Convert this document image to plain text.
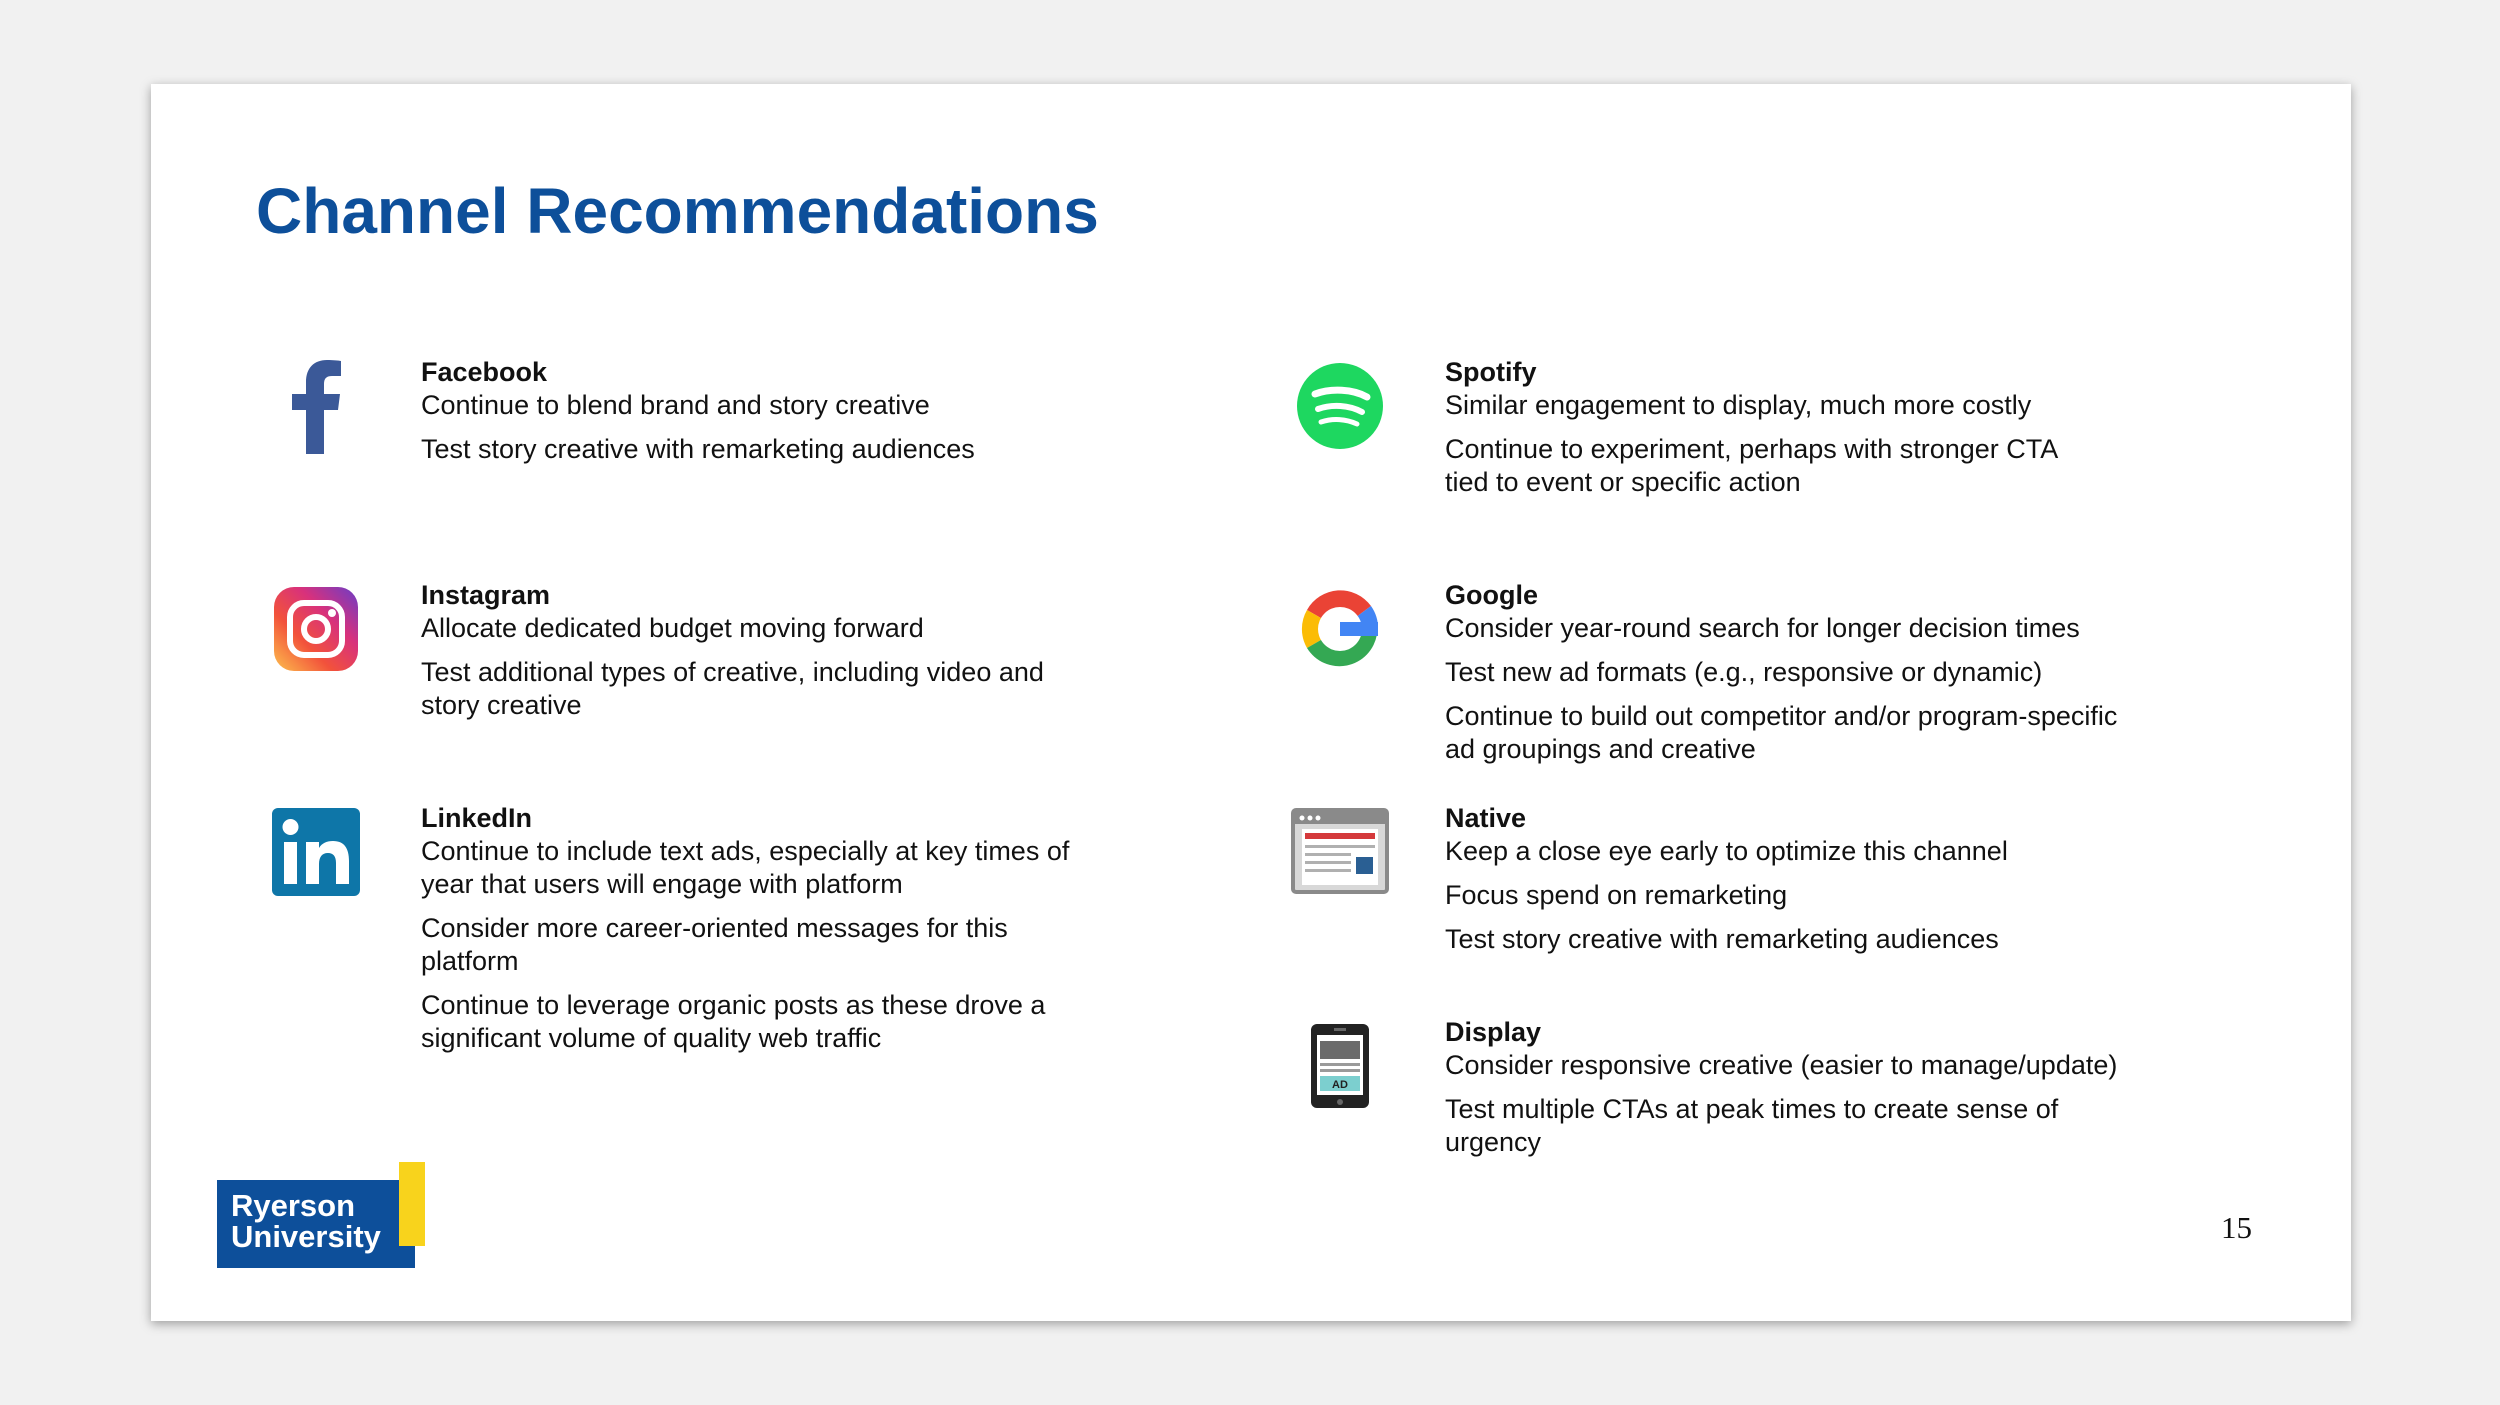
Channel Recommendations
Facebook
Continue to blend brand and story creative
Test story creative with remarketing audiences
Instagram
Allocate dedicated budget moving forward
Test additional types of creative, including video and story creative
LinkedIn
Continue to include text ads, especially at key times of year that users will engage with platform
Consider more career-oriented messages for this platform
Continue to leverage organic posts as these drove a significant volume of quality web traffic
Spotify
Similar engagement to display, much more costly
Continue to experiment, perhaps with stronger CTA tied to event or specific action
Google
Consider year-round search for longer decision times
Test new ad formats (e.g., responsive or dynamic)
Continue to build out competitor and/or program-specific ad groupings and creative
Native
Keep a close eye early to optimize this channel
Focus spend on remarketing
Test story creative with remarketing audiences
AD
Display
Consider responsive creative (easier to manage/update)
Test multiple CTAs at peak times to create sense of urgency
Ryerson
University	15
